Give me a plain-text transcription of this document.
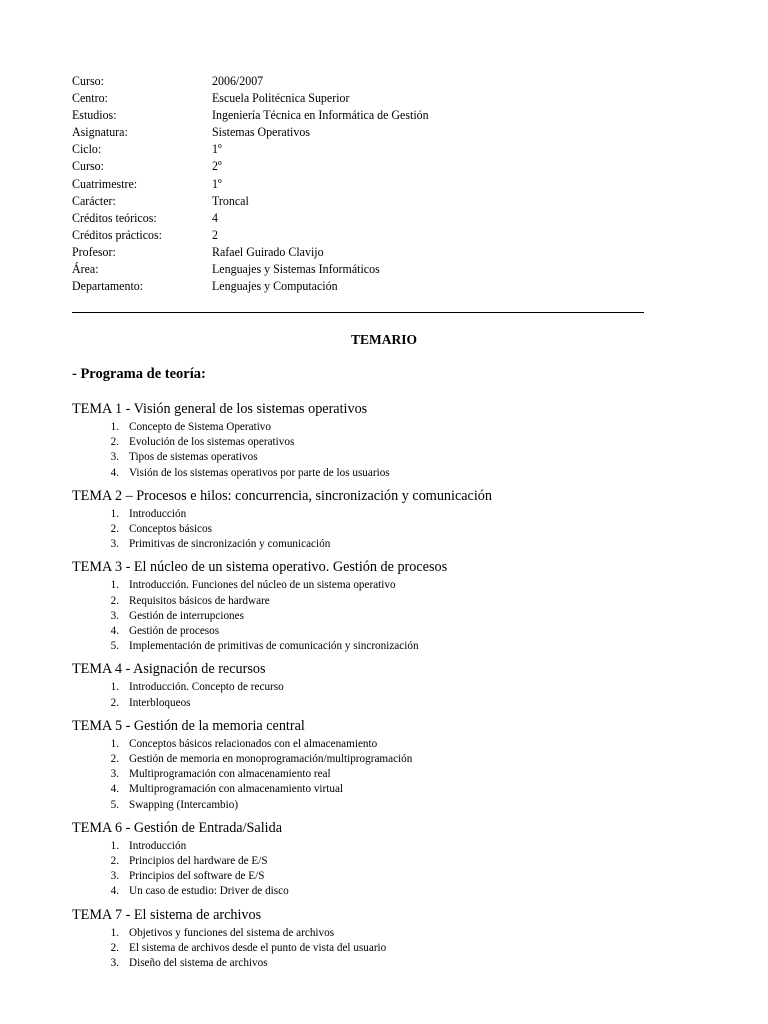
Curso:	2006/2007
Centro:	Escuela Politécnica Superior
Estudios:	Ingeniería Técnica en Informática de Gestión
Asignatura:	Sistemas Operativos
Ciclo:	1º
Curso:	2º
Cuatrimestre:	1º
Carácter:	Troncal
Créditos teóricos:	4
Créditos prácticos:	2
Profesor:	Rafael Guirado Clavijo
Área:	Lenguajes y Sistemas Informáticos
Departamento:	Lenguajes y Computación
TEMARIO
- Programa de teoría:
TEMA 1 - Visión general de los sistemas operativos
1 . Concepto de Sistema Operativo
2 . Evolución de los sistemas operativos
3 . Tipos de sistemas operativos
4 . Visión de los sistemas operativos por parte de los usuarios
TEMA 2 – Procesos e hilos: concurrencia, sincronización y comunicación
1 . Introducción
2 . Conceptos básicos
3 . Primitivas de sincronización y comunicación
TEMA 3 - El núcleo de un sistema operativo. Gestión de procesos
1 . Introducción. Funciones del núcleo de un sistema operativo
2 . Requisitos básicos de hardware
3 . Gestión de interrupciones
4 . Gestión de procesos
5 . Implementación de primitivas de comunicación y sincronización
TEMA 4 - Asignación de recursos
1 . Introducción. Concepto de recurso
2 . Interbloqueos
TEMA 5 - Gestión de la memoria central
1 . Conceptos básicos relacionados con el almacenamiento
2 . Gestión de memoria en monoprogramación/multiprogramación
3 . Multiprogramación con almacenamiento real
4 . Multiprogramación con almacenamiento virtual
5 . Swapping (Intercambio)
TEMA 6 - Gestión de Entrada/Salida
1 . Introducción
2 . Principios del hardware de E/S
3 . Principios del software de E/S
4 . Un caso de estudio: Driver de disco
TEMA 7 - El sistema de archivos
1 . Objetivos y funciones del sistema de archivos
2 . El sistema de archivos desde el punto de vista del usuario
3 . Diseño del sistema de archivos
